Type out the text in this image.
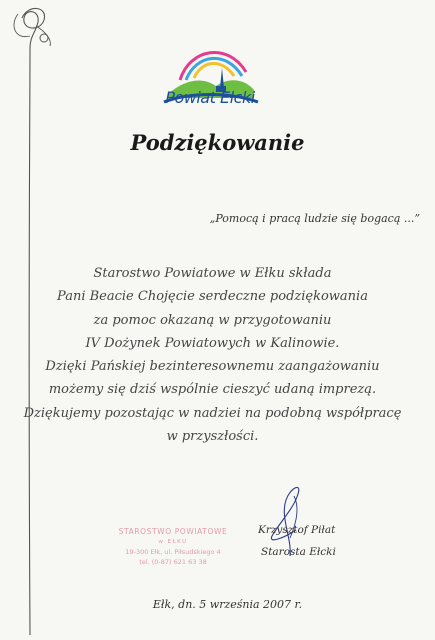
Powiat Ełcki
Podziękowanie
„Pomocą i pracą ludzie się bogacą ...”
Starostwo Powiatowe w Ełku składa
Pani Beacie Chojęcie serdeczne podziękowania
za pomoc okazaną w przygotowaniu
IV Dożynek Powiatowych w Kalinowie.
Dzięki Pańskiej bezinteresownemu zaangażowaniu
możemy się dziś wspólnie cieszyć udaną imprezą.
Dziękujemy pozostając w nadziei na podobną współpracę
w przyszłości.
STAROSTWO POWIATOWE
w EŁKU
19-300 Ełk, ul. Piłsudskiego 4
tel. (0-87) 621 63 38
Krzysztof Piłat
Starosta Ełcki
Ełk, dn. 5 września 2007 r.
